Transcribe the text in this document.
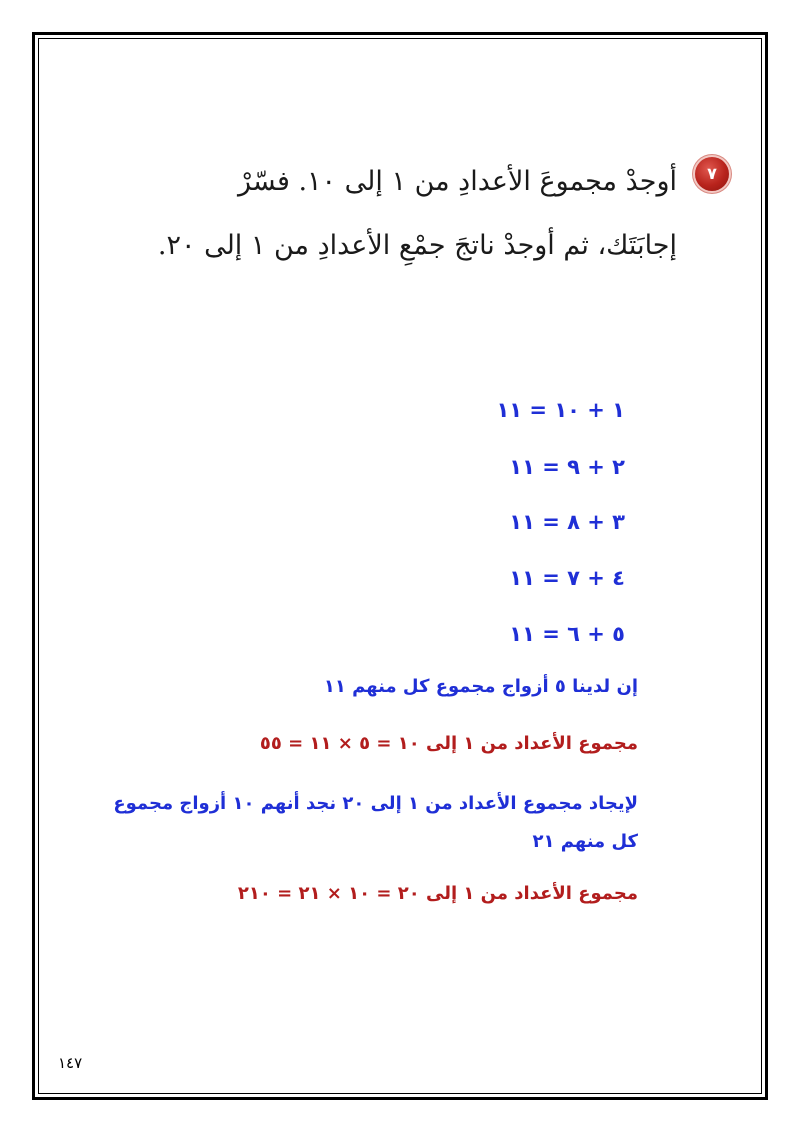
٧
أوجدْ مجموعَ الأعدادِ من ١ إلى ١٠. فسّرْ إجابَتَك، ثم أوجدْ ناتجَ جمْعِ الأعدادِ من ١ إلى ٢٠.
١ + ١٠ = ١١
٢ + ٩ = ١١
٣ + ٨ = ١١
٤ + ٧ = ١١
٥ + ٦ = ١١
إن لدينا ٥ أزواج مجموع كل منهم ١١
مجموع الأعداد من ١ إلى ١٠ = ٥ × ١١ = ٥٥
لإيجاد مجموع الأعداد من ١ إلى ٢٠ نجد أنهم ١٠ أزواج مجموع كل منهم ٢١
مجموع الأعداد من ١ إلى ٢٠ = ١٠ × ٢١ = ٢١٠
١٤٧
